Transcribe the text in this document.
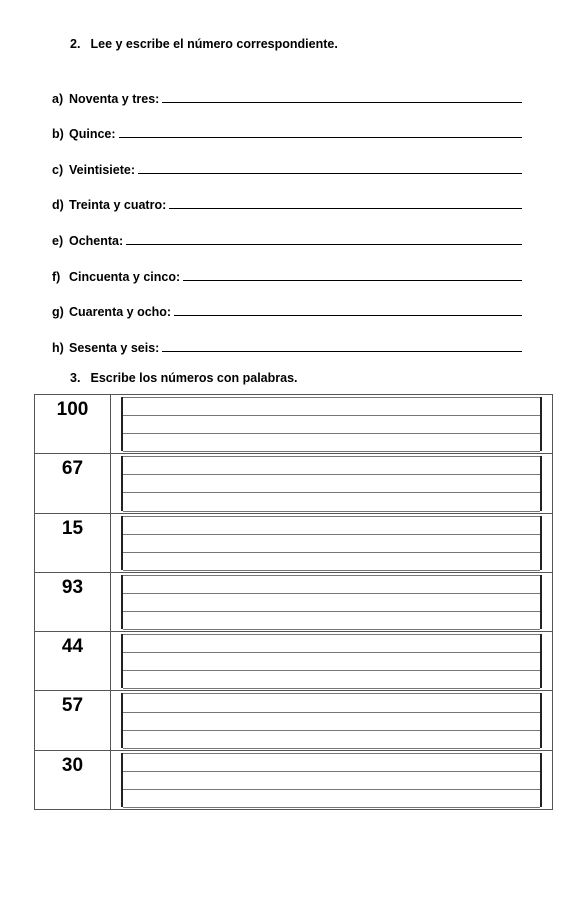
2. Lee y escribe el número correspondiente.
a) Noventa y tres:
b) Quince:
c) Veintisiete:
d) Treinta y cuatro:
e) Ochenta:
f) Cincuenta y cinco:
g) Cuarenta y ocho:
h) Sesenta y seis:
3. Escribe los números con palabras.
100	

67	

15	

93	

44	

57	

30	
